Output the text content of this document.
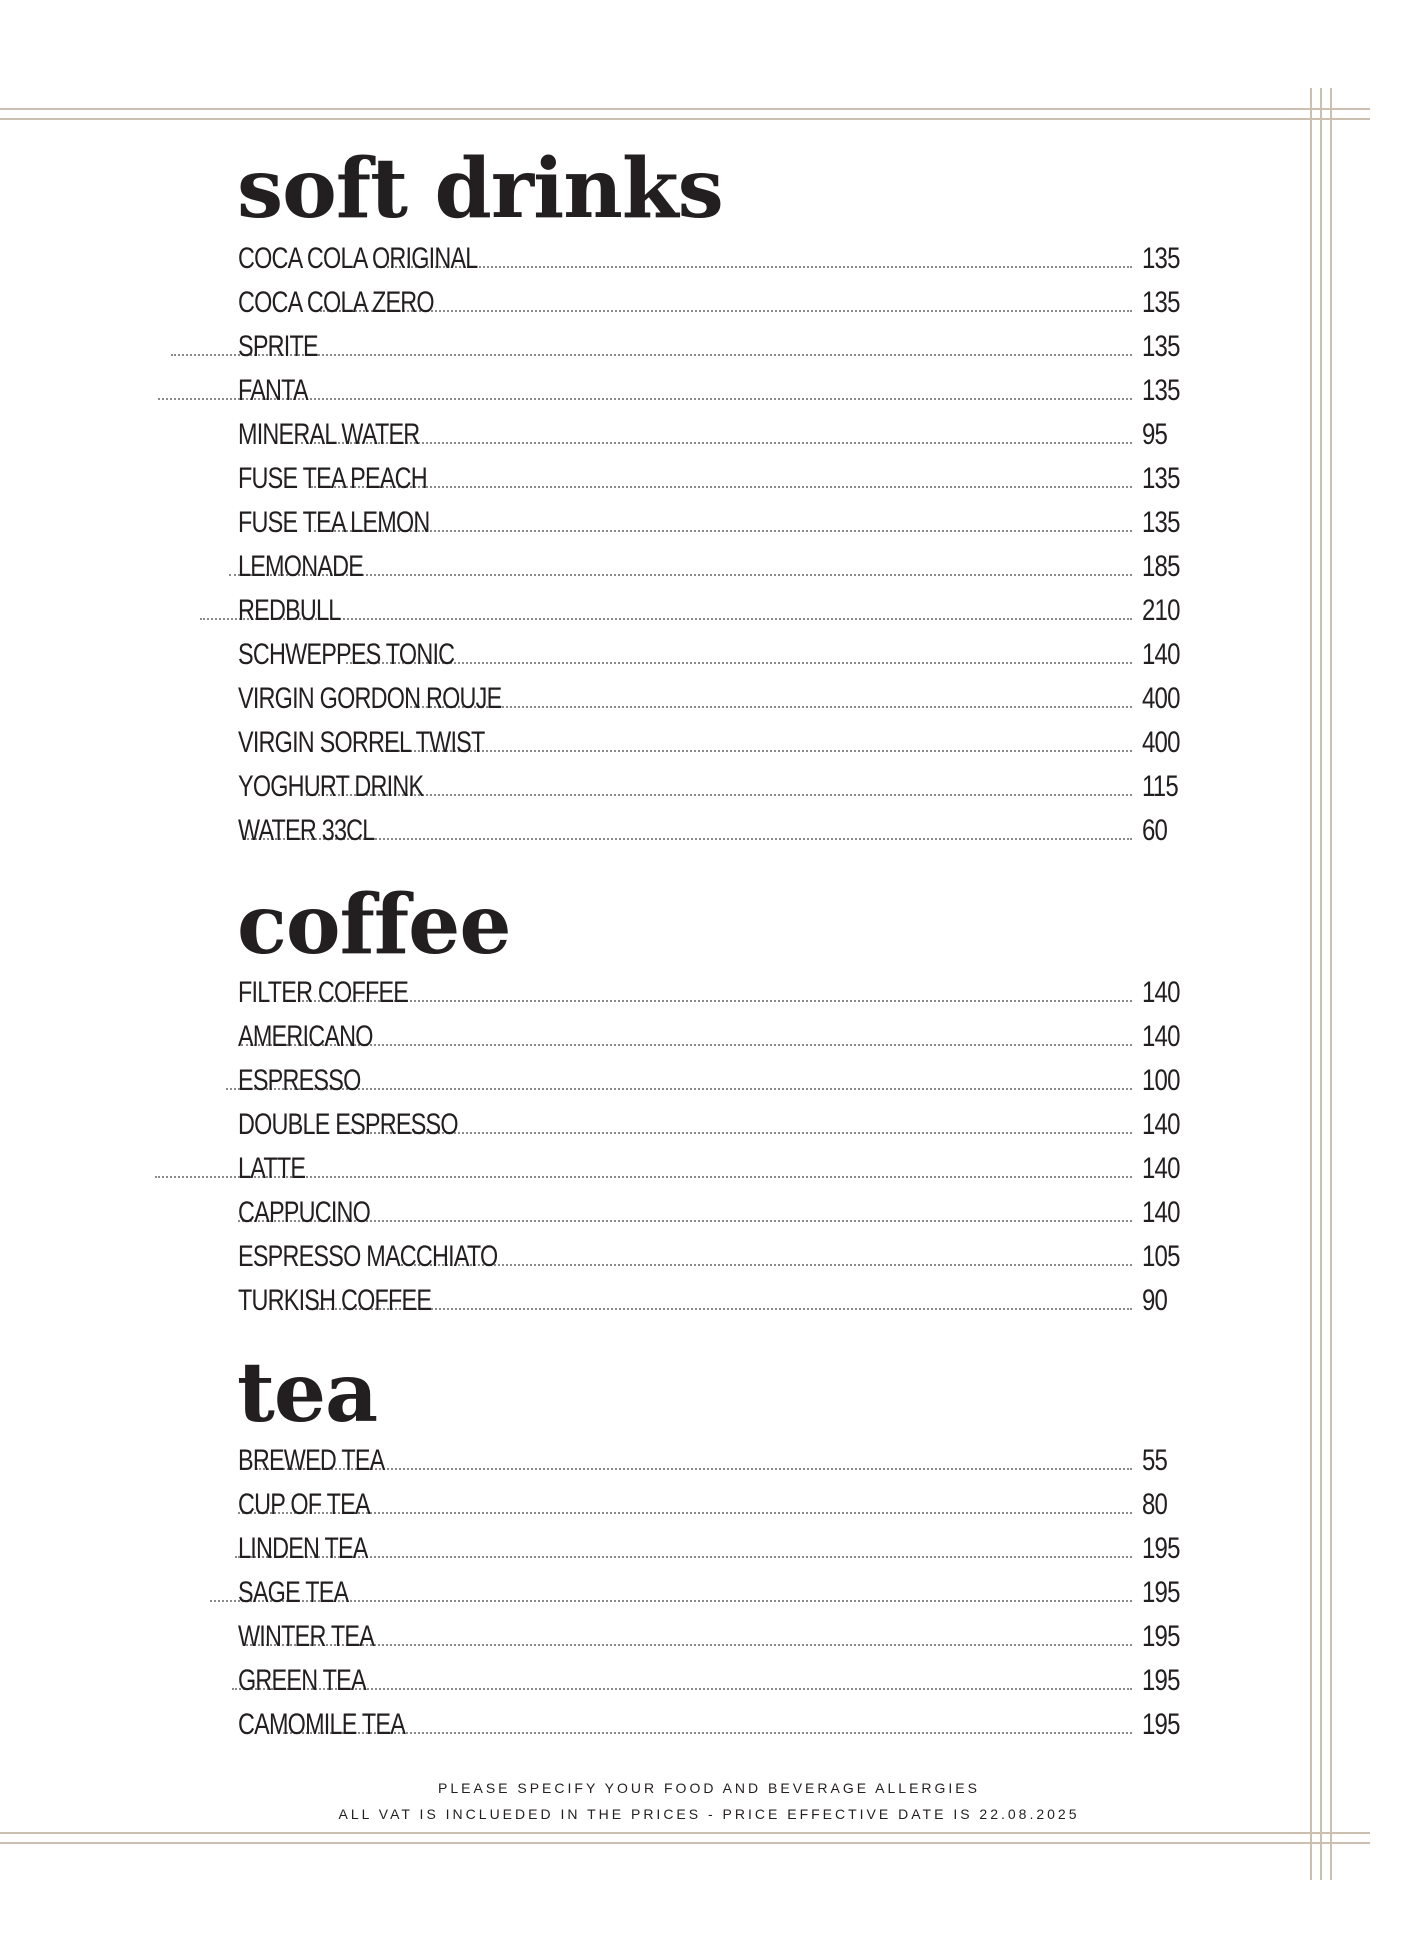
soft drinks
COCA COLA ORIGINAL	135
COCA COLA ZERO	135
SPRITE	135
FANTA	135
MINERAL WATER	95
FUSE TEA PEACH	135
FUSE TEA LEMON	135
LEMONADE	185
REDBULL	210
SCHWEPPES TONIC	140
VIRGIN GORDON ROUJE	400
VIRGIN SORREL TWIST	400
YOGHURT DRINK	115
WATER 33CL	60
coffee
FILTER COFFEE	140
AMERICANO	140
ESPRESSO	100
DOUBLE ESPRESSO	140
LATTE	140
CAPPUCINO	140
ESPRESSO MACCHIATO	105
TURKISH COFFEE	90
tea
BREWED TEA	55
CUP OF TEA	80
LINDEN TEA	195
SAGE TEA	195
WINTER TEA	195
GREEN TEA	195
CAMOMILE TEA	195
PLEASE SPECIFY YOUR FOOD AND BEVERAGE ALLERGIES
ALL VAT IS INCLUEDED IN THE PRICES - PRICE EFFECTIVE DATE IS 22.08.2025
